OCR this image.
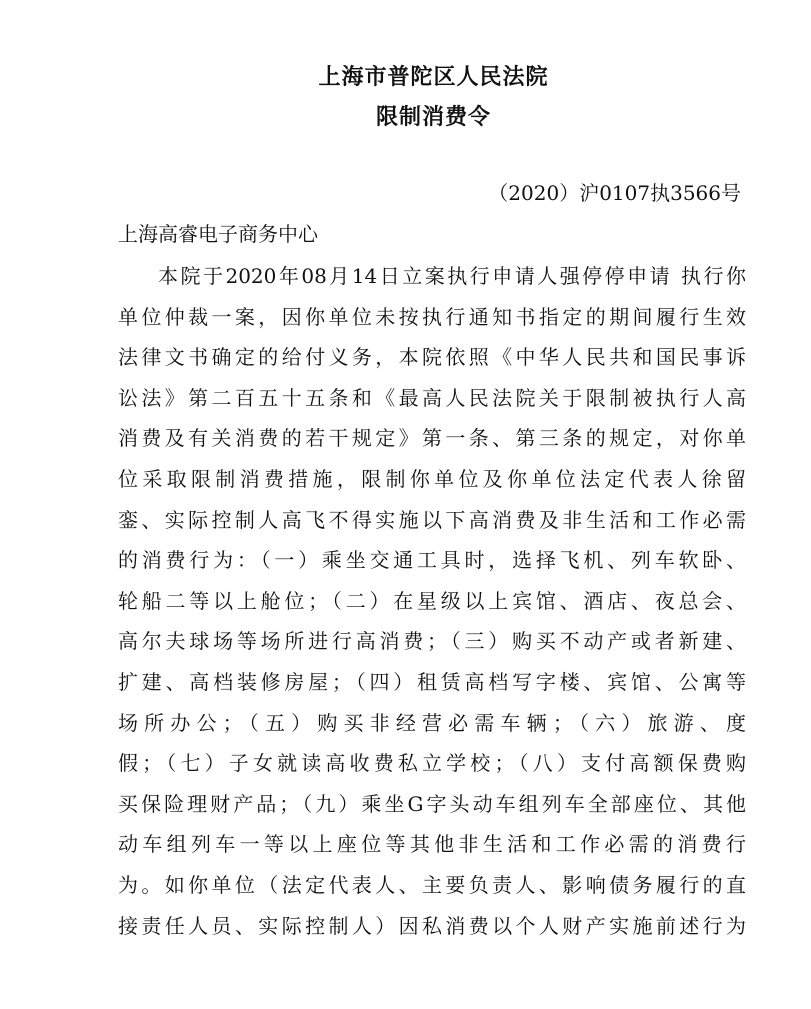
上海市普陀区人民法院
限制消费令
（2020）沪0107执3566号
上海高睿电子商务中心
本院于2020年08月14日立案执行申请人强停停申请 执行你
单位仲裁一案，因你单位未按执行通知书指定的期间履行生效
法律文书确定的给付义务，本院依照《中华人民共和国民事诉
讼法》第二百五十五条和《最高人民法院关于限制被执行人高
消费及有关消费的若干规定》第一条、第三条的规定，对你单
位采取限制消费措施，限制你单位及你单位法定代表人徐留
銮、实际控制人高飞不得实施以下高消费及非生活和工作必需
的消费行为：（一）乘坐交通工具时，选择飞机、列车软卧、
轮船二等以上舱位；（二）在星级以上宾馆、酒店、夜总会、
高尔夫球场等场所进行高消费；（三）购买不动产或者新建、
扩建、高档装修房屋；（四）租赁高档写字楼、宾馆、公寓等
场所办公；（五）购买非经营必需车辆；（六）旅游、度
假；（七）子女就读高收费私立学校；（八）支付高额保费购
买保险理财产品；（九）乘坐G字头动车组列车全部座位、其他
动车组列车一等以上座位等其他非生活和工作必需的消费行
为。如你单位（法定代表人、主要负责人、影响债务履行的直
接责任人员、实际控制人）因私消费以个人财产实施前述行为
